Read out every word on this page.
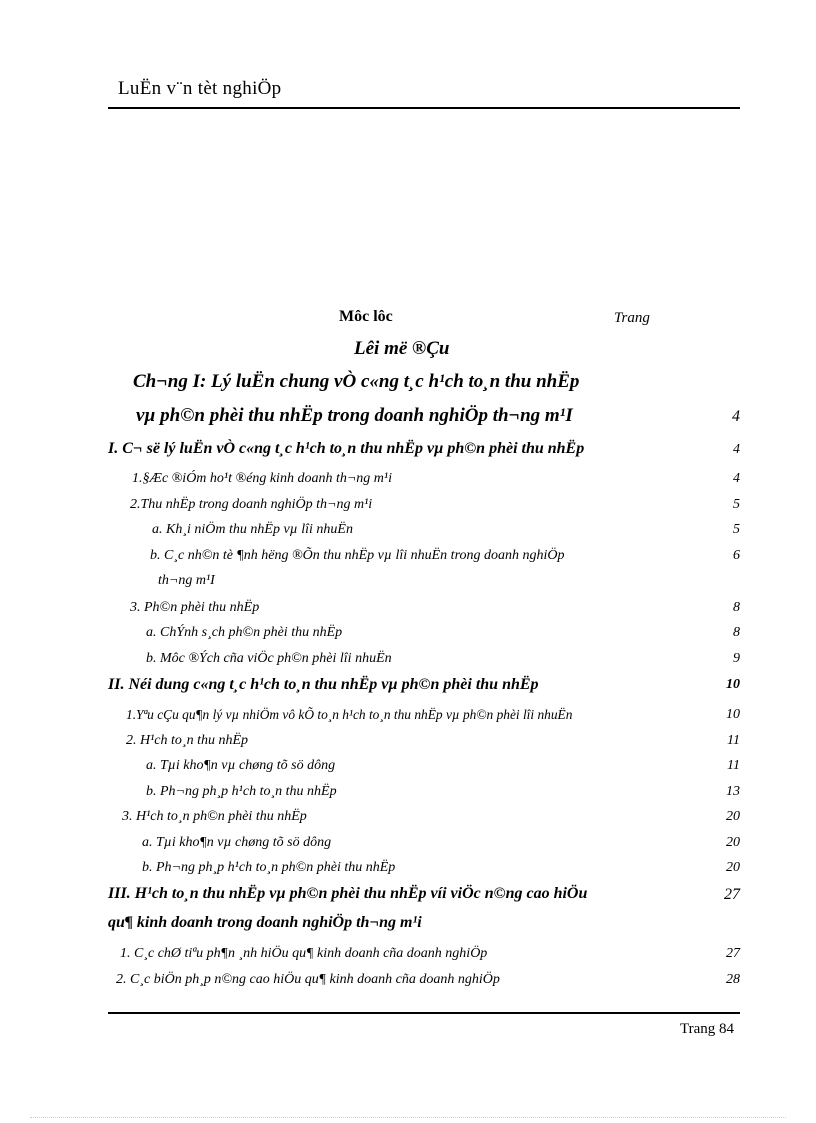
LuËn v¨n tèt nghiÖp
Môc lôc	Trang
Lêi më ®Çu
Ch¬ng I: Lý luËn chung vÒ c«ng t¸c h¹ch to¸n thu nhËp
vµ ph©n phèi thu nhËp trong doanh nghiÖp th¬ng m¹I	4
I. C¬ së lý luËn vÒ c«ng t¸c h¹ch to¸n thu nhËp vµ ph©n phèi thu nhËp	4
1.§Æc ®iÓm ho¹t ®éng kinh doanh th¬ng m¹i	4
2.Thu nhËp trong doanh nghiÖp th¬ng m¹i	5
a. Kh¸i niÖm thu nhËp vµ lîi nhuËn	5
b. C¸c nh©n tè ¶nh hëng ®Õn thu nhËp vµ lîi nhuËn trong doanh nghiÖp	6
th¬ng m¹I
3. Ph©n phèi thu nhËp	8
a. ChÝnh s¸ch ph©n phèi thu nhËp	8
b. Môc ®Ých cña viÖc ph©n phèi lîi nhuËn	9
II. Néi dung c«ng t¸c h¹ch to¸n thu nhËp vµ ph©n phèi thu nhËp	10
1.Yªu cÇu qu¶n lý vµ nhiÖm vô kÕ to¸n h¹ch to¸n thu nhËp vµ ph©n phèi lîi nhuËn	10
2. H¹ch to¸n thu nhËp	11
a. Tµi kho¶n vµ chøng tõ sö dông	11
b. Ph¬ng ph¸p h¹ch to¸n thu nhËp	13
3. H¹ch to¸n ph©n phèi thu nhËp	20
a. Tµi kho¶n vµ chøng tõ sö dông	20
b. Ph¬ng ph¸p h¹ch to¸n ph©n phèi thu nhËp	20
III. H¹ch to¸n thu nhËp vµ ph©n phèi thu nhËp víi viÖc n©ng cao hiÖu	27
qu¶ kinh doanh trong doanh nghiÖp th¬ng m¹i
1. C¸c chØ tiªu ph¶n ¸nh hiÖu qu¶ kinh doanh cña doanh nghiÖp	27
2. C¸c biÖn ph¸p n©ng cao hiÖu qu¶ kinh doanh cña doanh nghiÖp	28
Trang 84
